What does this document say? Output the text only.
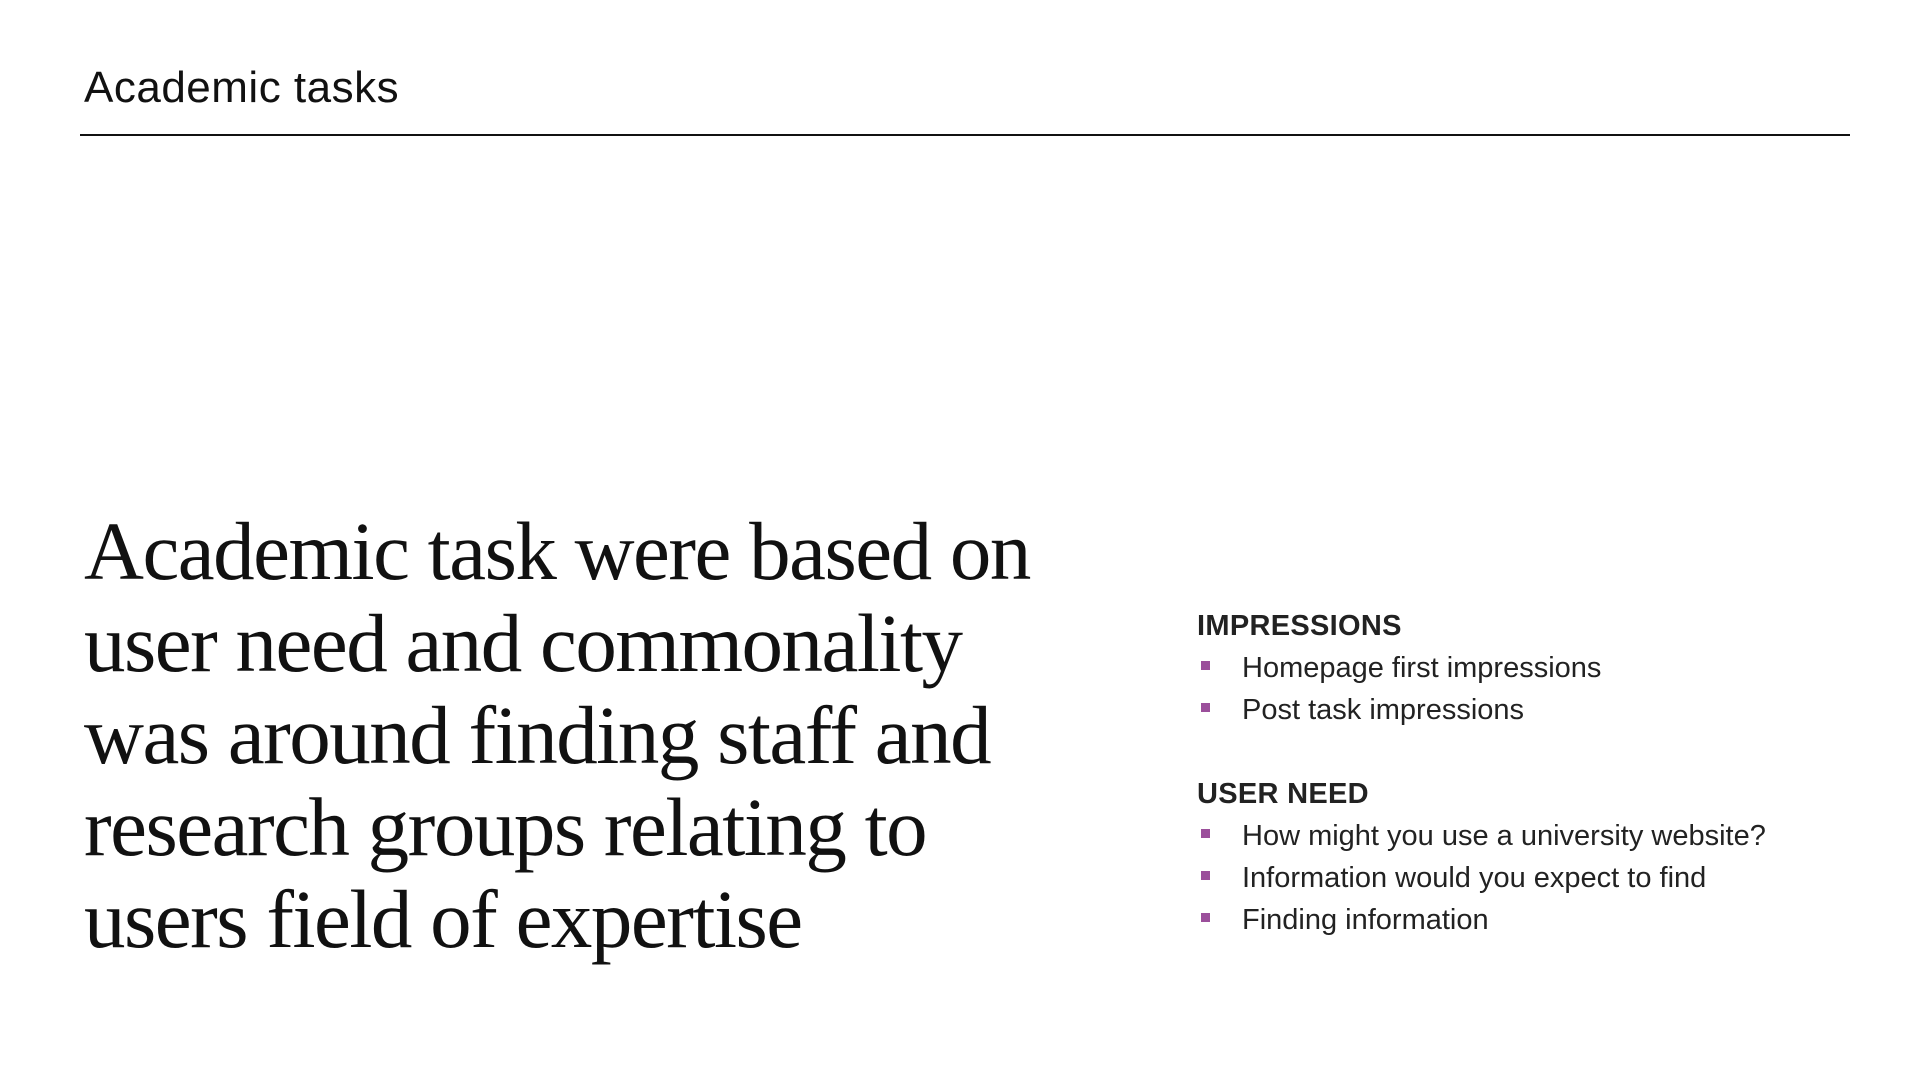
Academic tasks
Academic task were based on user need and commonality was around finding staff and research groups relating to users field of expertise
IMPRESSIONS
Homepage first impressions
Post task impressions
USER NEED
How might you use a university website?
Information would you expect to find
Finding information
